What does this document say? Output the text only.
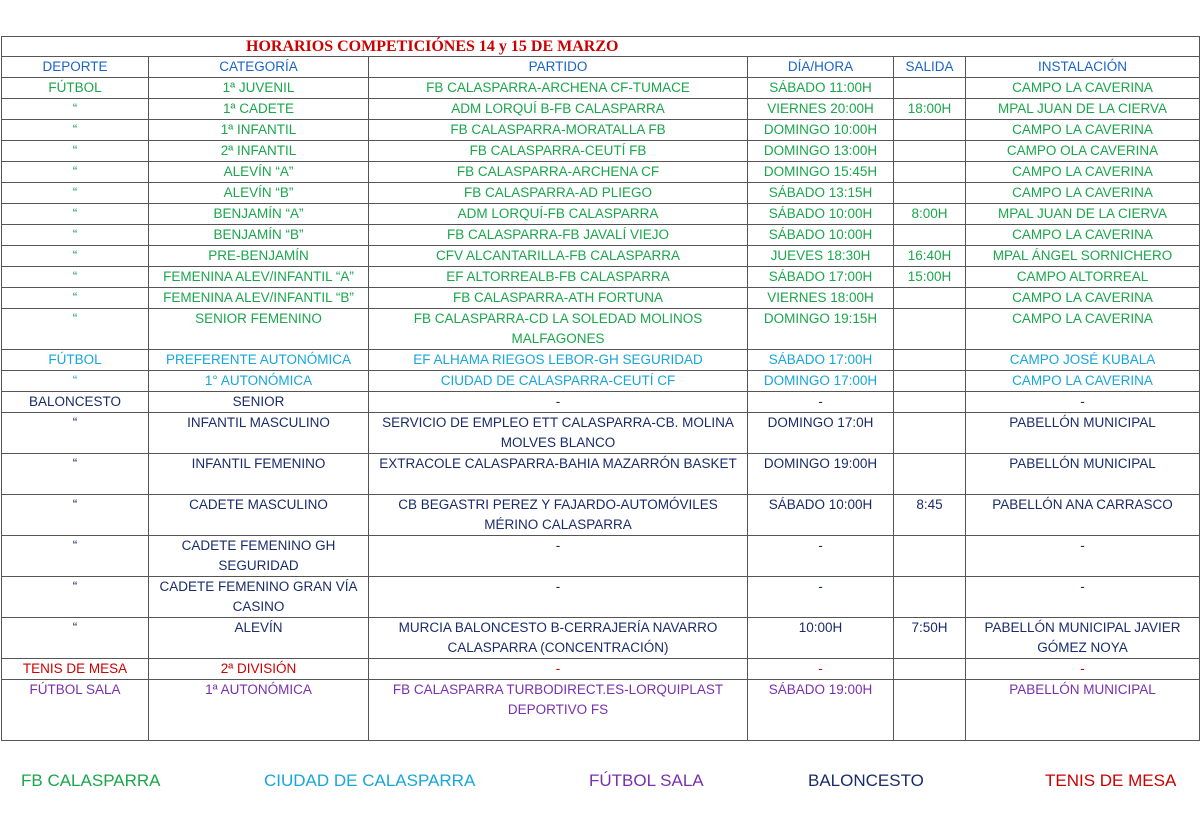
HORARIOS COMPETICIÓNES 14 y 15 DE MARZO					
DEPORTE	CATEGORÍA	PARTIDO	DÍA/HORA	SALIDA	INSTALACIÓN
FÚTBOL	1ª JUVENIL	FB CALASPARRA-ARCHENA CF-TUMACE	SÁBADO 11:00H		CAMPO LA CAVERINA
“	1ª CADETE	ADM LORQUÍ B-FB CALASPARRA	VIERNES 20:00H	18:00H	MPAL JUAN DE LA CIERVA
“	1ª INFANTIL	FB CALASPARRA-MORATALLA FB	DOMINGO 10:00H		CAMPO LA CAVERINA
“	2ª INFANTIL	FB CALASPARRA-CEUTÍ FB	DOMINGO 13:00H		CAMPO OLA CAVERINA
“	ALEVÍN “A”	FB CALASPARRA-ARCHENA CF	DOMINGO 15:45H		CAMPO LA CAVERINA
“	ALEVÍN “B”	FB CALASPARRA-AD PLIEGO	SÁBADO 13:15H		CAMPO LA CAVERINA
“	BENJAMÍN “A”	ADM LORQUÍ-FB CALASPARRA	SÁBADO 10:00H	8:00H	MPAL JUAN DE LA CIERVA
“	BENJAMÍN “B”	FB CALASPARRA-FB JAVALÍ VIEJO	SÁBADO 10:00H		CAMPO LA CAVERINA
“	PRE-BENJAMÍN	CFV ALCANTARILLA-FB CALASPARRA	JUEVES 18:30H	16:40H	MPAL ÁNGEL SORNICHERO
“	FEMENINA ALEV/INFANTIL “A”	EF ALTORREALB-FB CALASPARRA	SÁBADO 17:00H	15:00H	CAMPO ALTORREAL
“	FEMENINA ALEV/INFANTIL “B”	FB CALASPARRA-ATH FORTUNA	VIERNES 18:00H		CAMPO LA CAVERINA
“	SENIOR FEMENINO	FB CALASPARRA-CD LA SOLEDAD MOLINOS MALFAGONES	DOMINGO 19:15H		CAMPO LA CAVERINA
FÚTBOL	PREFERENTE AUTONÓMICA	EF ALHAMA RIEGOS LEBOR-GH SEGURIDAD	SÁBADO 17:00H		CAMPO JOSÉ KUBALA
“	1° AUTONÓMICA	CIUDAD DE CALASPARRA-CEUTÍ CF	DOMINGO 17:00H		CAMPO LA CAVERINA
BALONCESTO	SENIOR	-	-		-
“	INFANTIL MASCULINO	SERVICIO DE EMPLEO ETT CALASPARRA-CB. MOLINA MOLVES BLANCO	DOMINGO 17:0H		PABELLÓN MUNICIPAL
“	INFANTIL FEMENINO	EXTRACOLE CALASPARRA-BAHIA MAZARRÓN BASKET	DOMINGO 19:00H		PABELLÓN MUNICIPAL
“	CADETE MASCULINO	CB BEGASTRI PEREZ Y FAJARDO-AUTOMÓVILES MÉRINO CALASPARRA	SÁBADO 10:00H	8:45	PABELLÓN ANA CARRASCO
“	CADETE FEMENINO GH SEGURIDAD	-	-		-
“	CADETE FEMENINO GRAN VÍA CASINO	-	-		-
“	ALEVÍN	MURCIA BALONCESTO B-CERRAJERÍA NAVARRO CALASPARRA (CONCENTRACIÓN)	10:00H	7:50H	PABELLÓN MUNICIPAL JAVIER GÓMEZ NOYA
TENIS DE MESA	2ª DIVISIÓN	-	-		-
FÚTBOL SALA	1ª AUTONÓMICA	FB CALASPARRA TURBODIRECT.ES-LORQUIPLAST DEPORTIVO FS	SÁBADO 19:00H		PABELLÓN MUNICIPAL
FB CALASPARRA	CIUDAD DE CALASPARRA	FÚTBOL SALA	BALONCESTO	TENIS DE MESA
